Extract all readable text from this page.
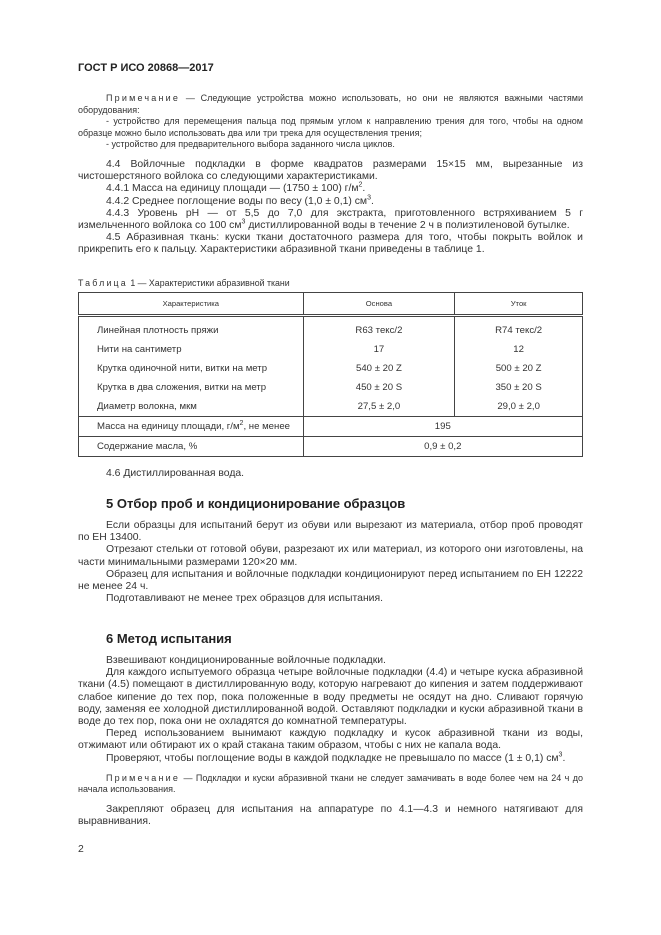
ГОСТ Р ИСО 20868—2017

Примечание — Следующие устройства можно использовать, но они не являются важными частями оборудования:

- устройство для перемещения пальца под прямым углом к направлению трения для того, чтобы на одном образце можно было использовать два или три трека для осуществления трения;

- устройство для предварительного выбора заданного числа циклов.

4.4 Войлочные подкладки в форме квадратов размерами 15×15 мм, вырезанные из чистошерстяного войлока со следующими характеристиками.

4.4.1 Масса на единицу площади — (1750 ± 100) $г/м^2$.

4.4.2 Среднее поглощение воды по весу (1,0 ± 0,1) $см^3$.

4.4.3 Уровень pH — от 5,5 до 7,0 для экстракта, приготовленного встряхиванием 5 г измельченного войлока со 100 $см^3$ дистиллированной воды в течение 2 ч в полиэтиленовой бутылке.

4.5 Абразивная ткань: куски ткани достаточного размера для того, чтобы покрыть войлок и прикрепить его к пальцу. Характеристики абразивной ткани приведены в таблице 1.

Таблица 1 — Характеристики абразивной ткани
Характеристика	Основа	Уток
Линейная плотность пряжи	R63 текс/2	R74 текс/2
Нити на сантиметр	17	12
Крутка одиночной нити, витки на метр	540 ± 20 Z	500 ± 20 Z
Крутка в два сложения, витки на метр	450 ± 20 S	350 ± 20 S
Диаметр волокна, мкм	27,5 ± 2,0	29,0 ± 2,0
Масса на единицу площади, $г/м^2$, не менее	195	
Содержание масла, %	0,9 ± 0,2	

4.6 Дистиллированная вода.

5 Отбор проб и кондиционирование образцов

Если образцы для испытаний берут из обуви или вырезают из материала, отбор проб проводят по ЕН 13400.

Отрезают стельки от готовой обуви, разрезают их или материал, из которого они изготовлены, на части минимальными размерами 120×20 мм.

Образец для испытания и войлочные подкладки кондиционируют перед испытанием по ЕН 12222 не менее 24 ч.

Подготавливают не менее трех образцов для испытания.

6 Метод испытания

Взвешивают кондиционированные войлочные подкладки.

Для каждого испытуемого образца четыре войлочные подкладки (4.4) и четыре куска абразивной ткани (4.5) помещают в дистиллированную воду, которую нагревают до кипения и затем поддерживают слабое кипение до тех пор, пока положенные в воду предметы не осядут на дно. Сливают горячую воду, заменяя ее холодной дистиллированной водой. Оставляют подкладки и куски абразивной ткани в воде до тех пор, пока они не охладятся до комнатной температуры.

Перед использованием вынимают каждую подкладку и кусок абразивной ткани из воды, отжимают или обтирают их о край стакана таким образом, чтобы с них не капала вода.

Проверяют, чтобы поглощение воды в каждой подкладке не превышало по массе (1 ± 0,1) $см^3$.

Примечание — Подкладки и куски абразивной ткани не следует замачивать в воде более чем на 24 ч до начала использования.

Закрепляют образец для испытания на аппаратуре по 4.1—4.3 и немного натягивают для выравнивания.

2
